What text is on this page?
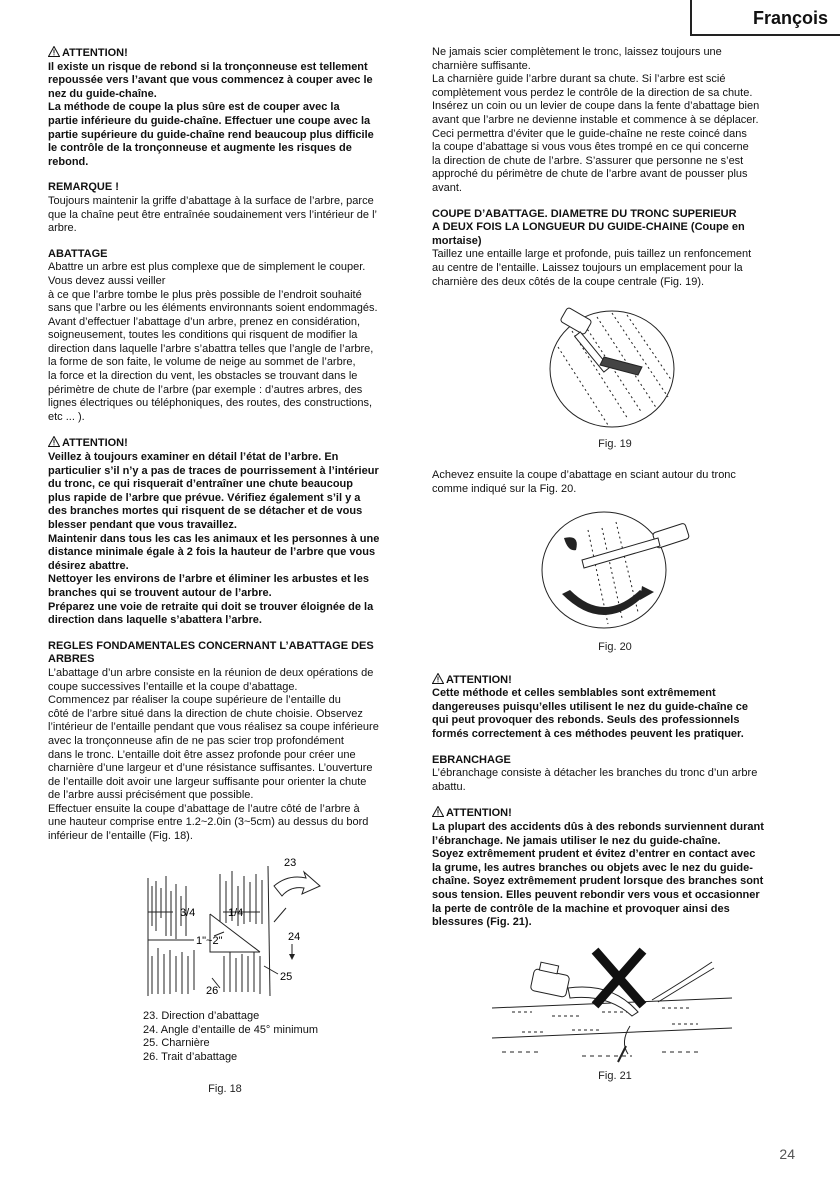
François

ATTENTION!

Il existe un risque de rebond si la tronçonneuse est tellement

repoussée vers l’avant que vous commencez à couper avec le

nez du guide-chaîne.

La méthode de coupe la plus sûre est de couper avec la

partie inférieure du guide-chaîne. Effectuer une coupe avec la

partie supérieure du guide-chaîne rend beaucoup plus difficile

le contrôle de la tronçonneuse et augmente les risques de

rebond.

REMARQUE !

Toujours maintenir la griffe d’abattage à la surface de l’arbre, parce

que la chaîne peut être entraînée soudainement vers l’intérieur de l’

arbre.

ABATTAGE

Abattre un arbre est plus complexe que de simplement le couper.

Vous devez aussi veiller

à ce que l’arbre tombe le plus près possible de l’endroit souhaité

sans que l’arbre ou les éléments environnants soient endommagés.

Avant d’effectuer l’abattage d’un arbre, prenez en considération,

soigneusement, toutes les conditions qui risquent de modifier la

direction dans laquelle l’arbre s’abattra telles que l’angle de l’arbre,

la forme de son faite, le volume de neige au sommet de l’arbre,

la force et la direction du vent, les obstacles se trouvant dans le

périmètre de chute de l’arbre (par exemple : d’autres arbres, des

lignes électriques ou téléphoniques, des routes, des constructions,

etc ... ).

ATTENTION!

Veillez à toujours examiner en détail l’état de l’arbre. En

particulier s’il n’y a pas de traces de pourrissement à l’intérieur

du tronc, ce qui risquerait d’entraîner une chute beaucoup

plus rapide de l’arbre que prévue. Vérifiez également s’il y a

des branches mortes qui risquent de se détacher et de vous

blesser pendant que vous travaillez.

Maintenir dans tous les cas les animaux et les personnes à une

distance minimale égale à 2 fois la hauteur de l’arbre que vous

désirez abattre.

Nettoyer les environs de l’arbre et éliminer les arbustes et les

branches qui se trouvent autour de l’arbre.

Préparez une voie de retraite qui doit se trouver éloignée de la

direction dans laquelle s’abattera l’arbre.

REGLES FONDAMENTALES CONCERNANT L’ABATTAGE DES ARBRES

L’abattage d’un arbre consiste en la réunion de deux opérations de

coupe successives l’entaille et la coupe d’abattage.

Commencez par réaliser la coupe supérieure de l’entaille du

côté de l’arbre situé dans la direction de chute choisie. Observez

l’intérieur de l’entaille pendant que vous réalisez sa coupe inférieure

avec la tronçonneuse afin de ne pas scier trop profondément

dans le tronc. L’entaille doit être assez profonde pour créer une

charnière d’une largeur et d’une résistance suffisantes. L’ouverture

de l’entaille doit avoir une largeur suffisante pour orienter la chute

de l’arbre aussi précisément que possible.

Effectuer ensuite la coupe d’abattage de l’autre côté de l’arbre à

une hauteur comprise entre 1.2~2.0in (3~5cm) au dessus du bord

inférieur de l’entaille (Fig. 18).

23
3/4	1/4
1"~2"	24
25
26
23. Direction d’abattage
24. Angle d’entaille de 45° minimum
25. Charnière
26. Trait d’abattage
Fig. 18

Ne jamais scier complètement le tronc, laissez toujours une

charnière suffisante.

La charnière guide l’arbre durant sa chute. Si l’arbre est scié

complètement vous perdez le contrôle de la direction de sa chute.

Insérez un coin ou un levier de coupe dans la fente d’abattage bien

avant que l’arbre ne devienne instable et commence à se déplacer.

Ceci permettra d’éviter que le guide-chaîne ne reste coincé dans

la coupe d’abattage si vous vous êtes trompé en ce qui concerne

la direction de chute de l’arbre. S’assurer que personne ne s’est

approché du périmètre de chute de l’arbre avant de pousser plus

avant.

COUPE D’ABATTAGE. DIAMETRE DU TRONC SUPERIEUR

A DEUX FOIS LA LONGUEUR DU GUIDE-CHAINE (Coupe en

mortaise)

Taillez une entaille large et profonde, puis taillez un renfoncement

au centre de l’entaille. Laissez toujours un emplacement pour la

charnière des deux côtés de la coupe centrale (Fig. 19).

Fig. 19

Achevez ensuite la coupe d’abattage en sciant autour du tronc

comme indiqué sur la Fig. 20.

Fig. 20

ATTENTION!

Cette méthode et celles semblables sont extrêmement

dangereuses puisqu’elles utilisent le nez du guide-chaîne ce

qui peut provoquer des rebonds. Seuls des professionnels

formés correctement à ces méthodes peuvent les pratiquer.

EBRANCHAGE

L’ébranchage consiste à détacher les branches du tronc d’un arbre

abattu.

ATTENTION!

La plupart des accidents dûs à des rebonds surviennent durant

l’ébranchage. Ne jamais utiliser le nez du guide-chaîne.

Soyez extrêmement prudent et évitez d’entrer en contact avec

la grume, les autres branches ou objets avec le nez du guide-

chaîne. Soyez extrêmement prudent lorsque des branches sont

sous tension. Elles peuvent rebondir vers vous et occasionner

la perte de contrôle de la machine et provoquer ainsi des

blessures (Fig. 21).

Fig. 21
24
